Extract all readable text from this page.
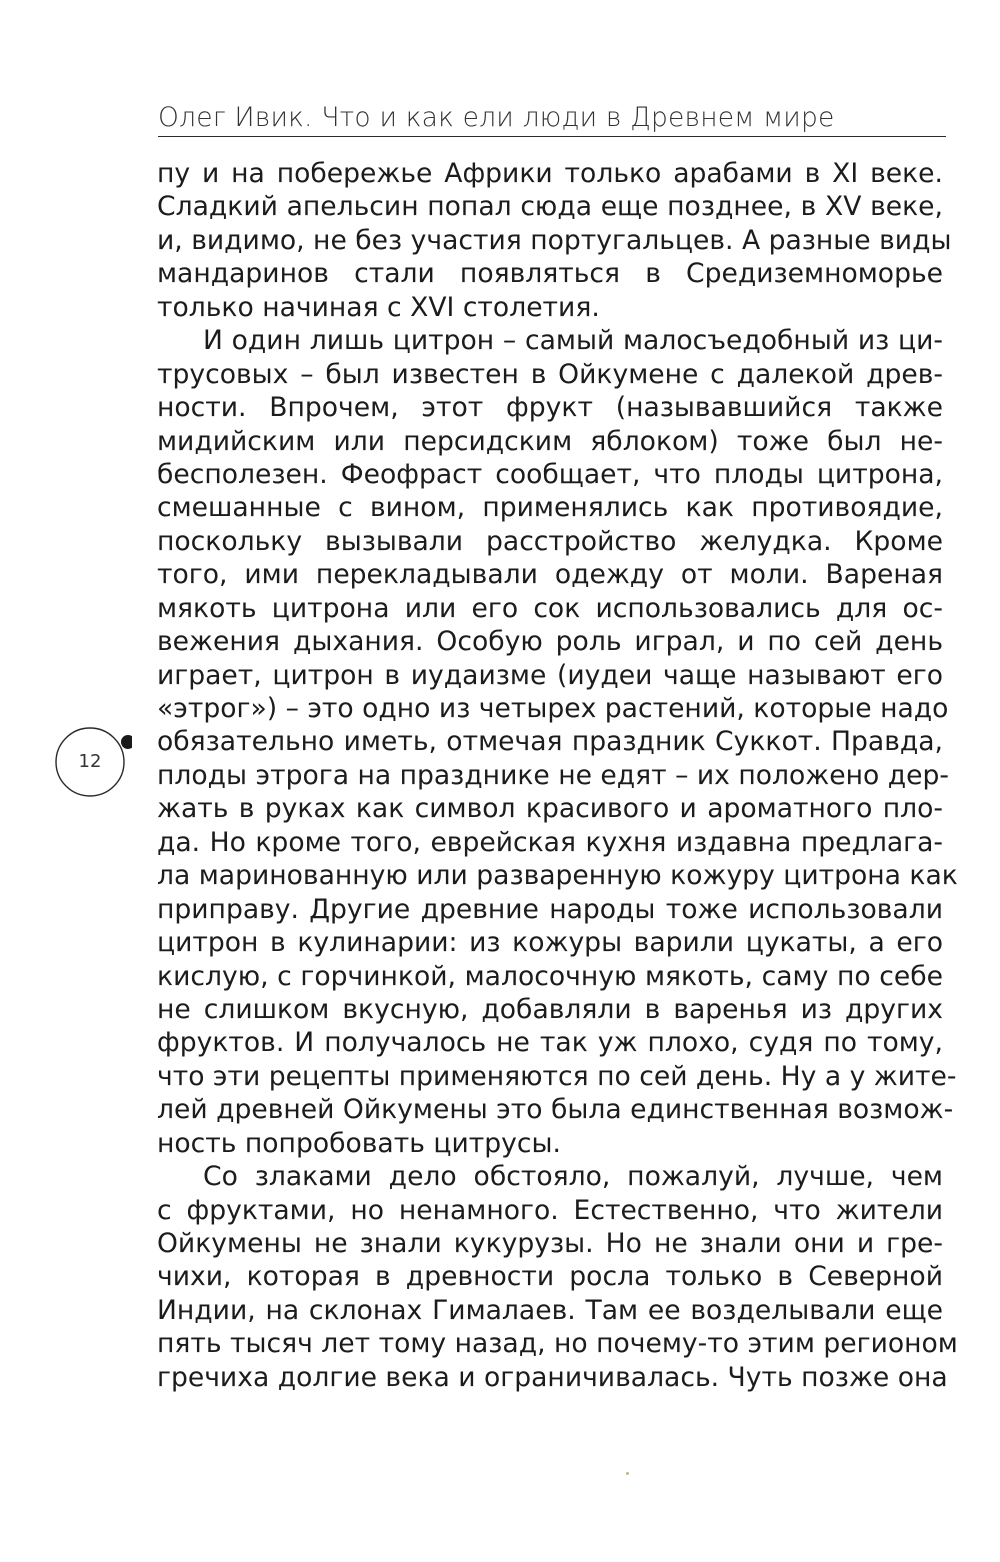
Олег Ивик. Что и как ели люди в Древнем мире
12
пу и на побережье Африки только арабами в XI веке.
Сладкий апельсин попал сюда еще позднее, в XV веке,
и, видимо, не без участия португальцев. А разные виды
мандаринов стали появляться в Средиземноморье
только начиная с XVI столетия.
И один лишь цитрон – самый малосъедобный из ци-
трусовых – был известен в Ойкумене с далекой древ-
ности. Впрочем, этот фрукт (называвшийся также
мидийским или персидским яблоком) тоже был не-
бесполезен. Феофраст сообщает, что плоды цитрона,
смешанные с вином, применялись как противоядие,
поскольку вызывали расстройство желудка. Кроме
того, ими перекладывали одежду от моли. Вареная
мякоть цитрона или его сок использовались для ос-
вежения дыхания. Особую роль играл, и по сей день
играет, цитрон в иудаизме (иудеи чаще называют его
«этрог») – это одно из четырех растений, которые надо
обязательно иметь, отмечая праздник Суккот. Правда,
плоды этрога на празднике не едят – их положено дер-
жать в руках как символ красивого и ароматного пло-
да. Но кроме того, еврейская кухня издавна предлага-
ла маринованную или разваренную кожуру цитрона как
приправу. Другие древние народы тоже использовали
цитрон в кулинарии: из кожуры варили цукаты, а его
кислую, с горчинкой, малосочную мякоть, саму по себе
не слишком вкусную, добавляли в варенья из других
фруктов. И получалось не так уж плохо, судя по тому,
что эти рецепты применяются по сей день. Ну а у жите-
лей древней Ойкумены это была единственная возмож-
ность попробовать цитрусы.
Со злаками дело обстояло, пожалуй, лучше, чем
с фруктами, но ненамного. Естественно, что жители
Ойкумены не знали кукурузы. Но не знали они и гре-
чихи, которая в древности росла только в Северной
Индии, на склонах Гималаев. Там ее возделывали еще
пять тысяч лет тому назад, но почему-то этим регионом
гречиха долгие века и ограничивалась. Чуть позже она
